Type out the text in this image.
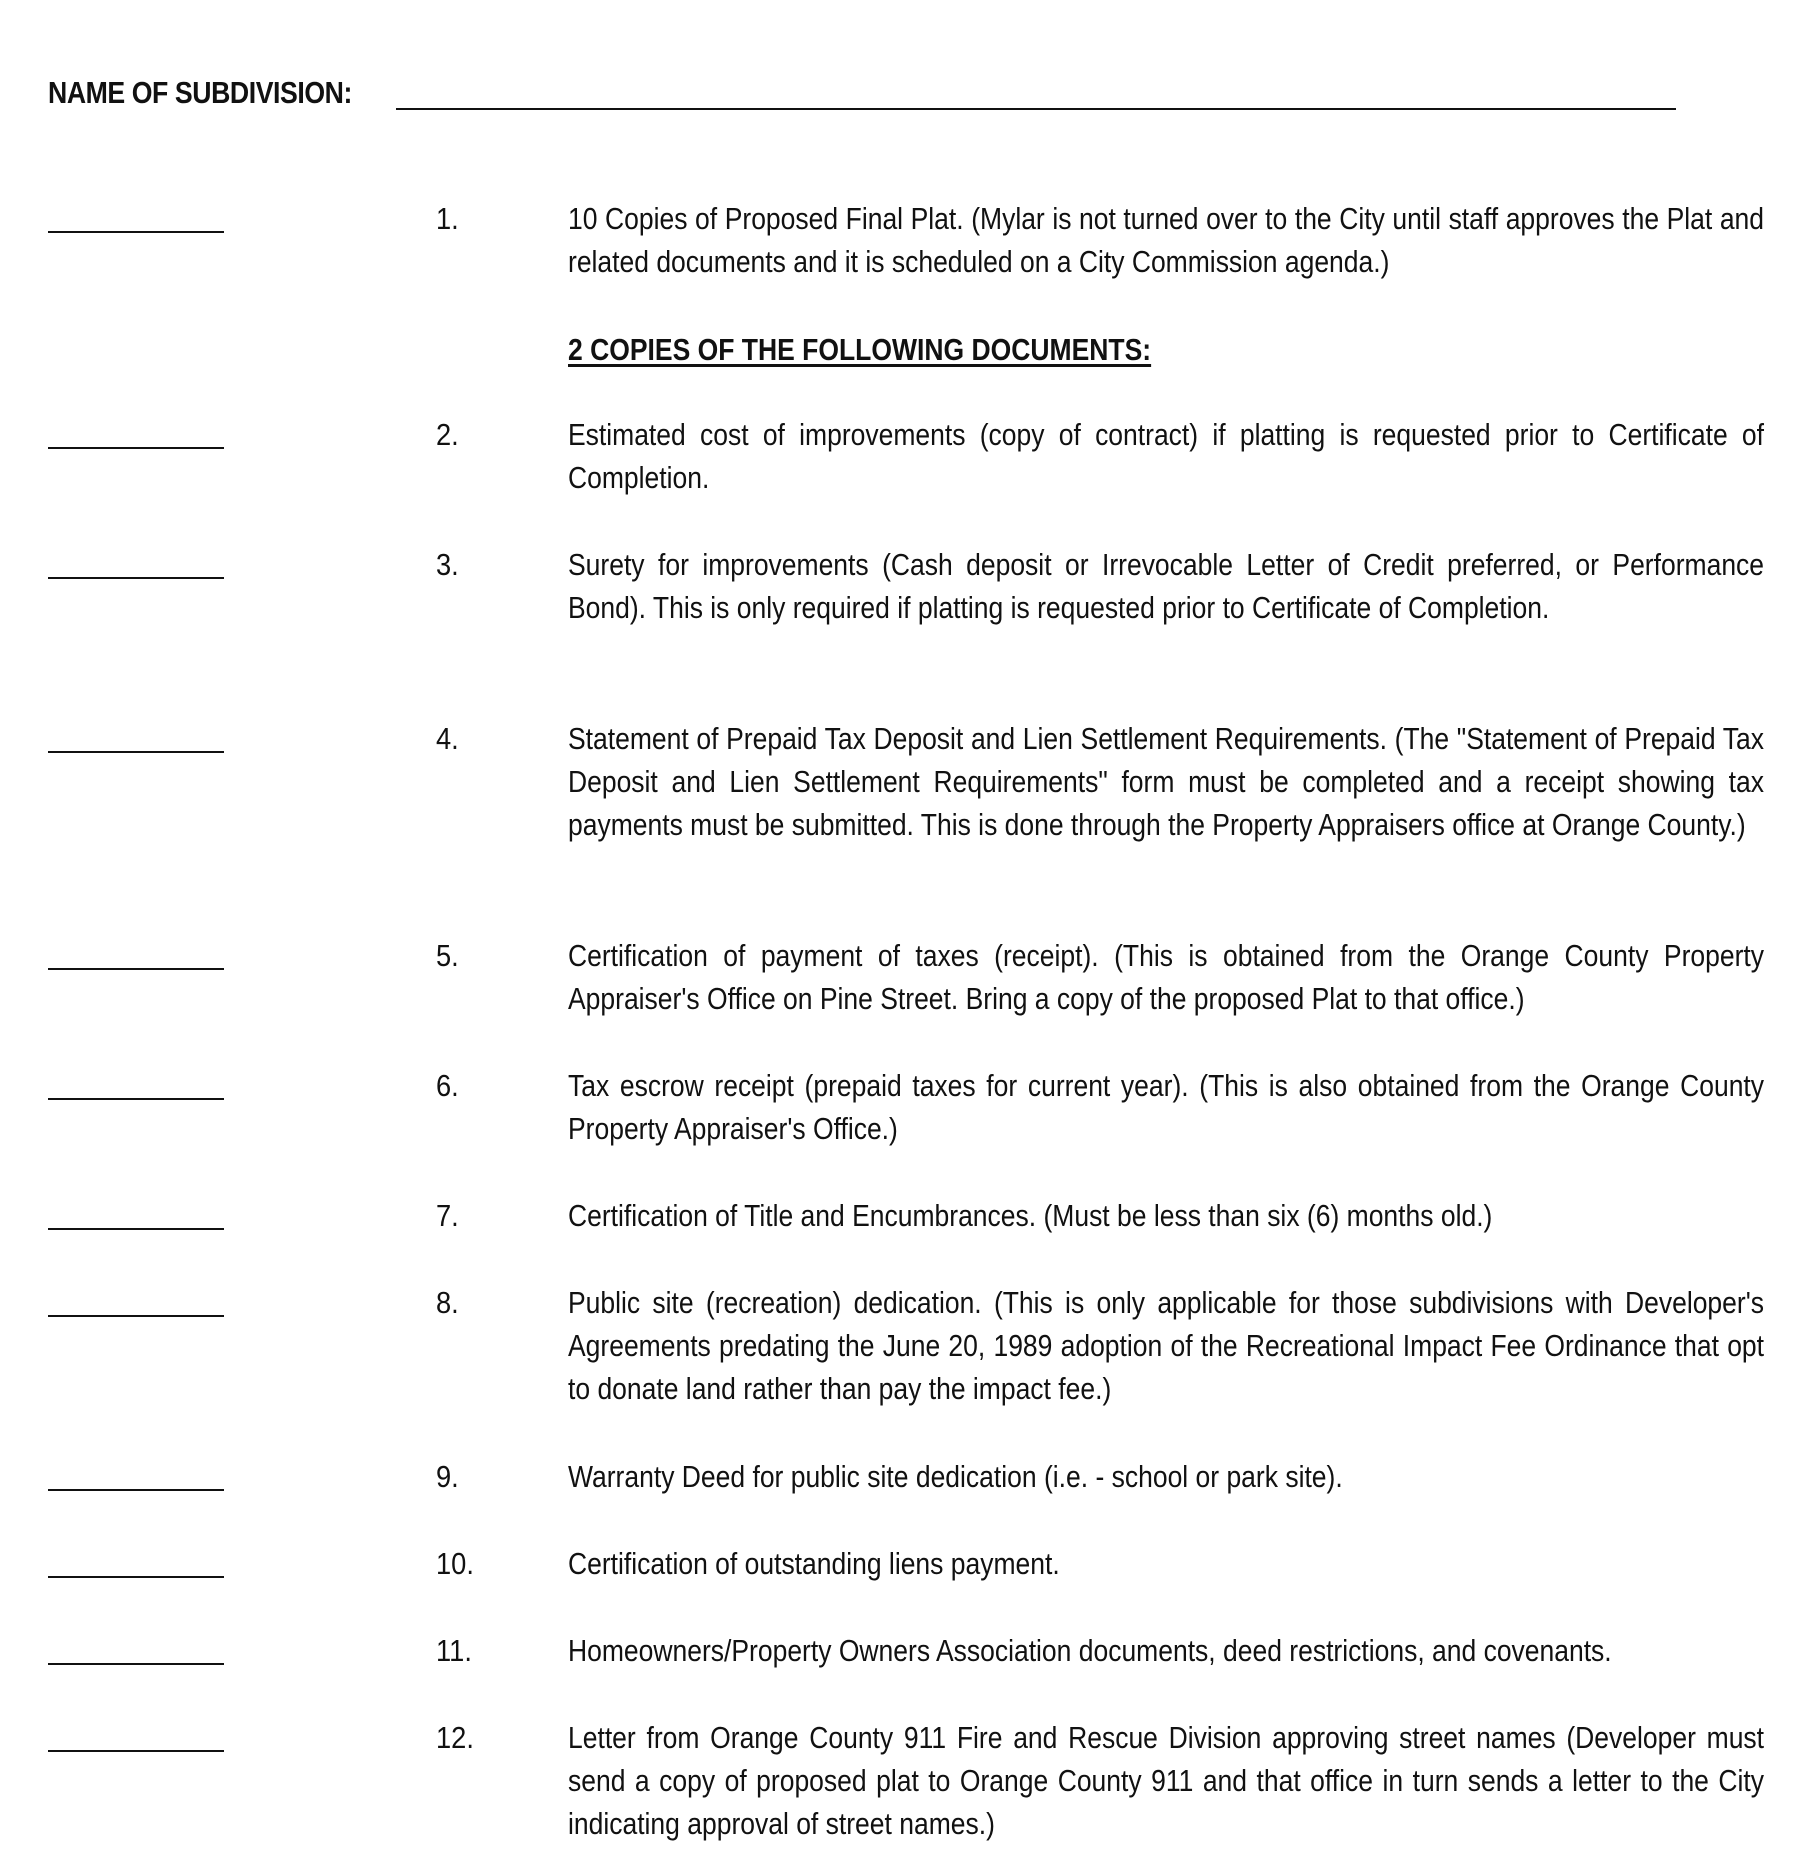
NAME OF SUBDIVISION:
1.	10 Copies of Proposed Final Plat. (Mylar is not turned over to the City until staff approves the Plat and related documents and it is scheduled on a City Commission agenda.)
2 COPIES OF THE FOLLOWING DOCUMENTS:
2.	Estimated cost of improvements (copy of contract) if platting is requested prior to Certificate of Completion.
3.	Surety for improvements (Cash deposit or Irrevocable Letter of Credit preferred, or Performance Bond). This is only required if platting is requested prior to Certificate of Completion.
4.	Statement of Prepaid Tax Deposit and Lien Settlement Requirements. (The "Statement of Prepaid Tax Deposit and Lien Settlement Requirements" form must be completed and a receipt showing tax payments must be submitted. This is done through the Property Appraisers office at Orange County.)
5.	Certification of payment of taxes (receipt). (This is obtained from the Orange County Property Appraiser's Office on Pine Street. Bring a copy of the proposed Plat to that office.)
6.	Tax escrow receipt (prepaid taxes for current year). (This is also obtained from the Orange County Property Appraiser's Office.)
7.	Certification of Title and Encumbrances. (Must be less than six (6) months old.)
8.	Public site (recreation) dedication. (This is only applicable for those subdivisions with Developer's Agreements predating the June 20, 1989 adoption of the Recreational Impact Fee Ordinance that opt to donate land rather than pay the impact fee.)
9.	Warranty Deed for public site dedication (i.e. - school or park site).
10.	Certification of outstanding liens payment.
11.	Homeowners/Property Owners Association documents, deed restrictions, and covenants.
12.	Letter from Orange County 911 Fire and Rescue Division approving street names (Developer must send a copy of proposed plat to Orange County 911 and that office in turn sends a letter to the City indicating approval of street names.)
